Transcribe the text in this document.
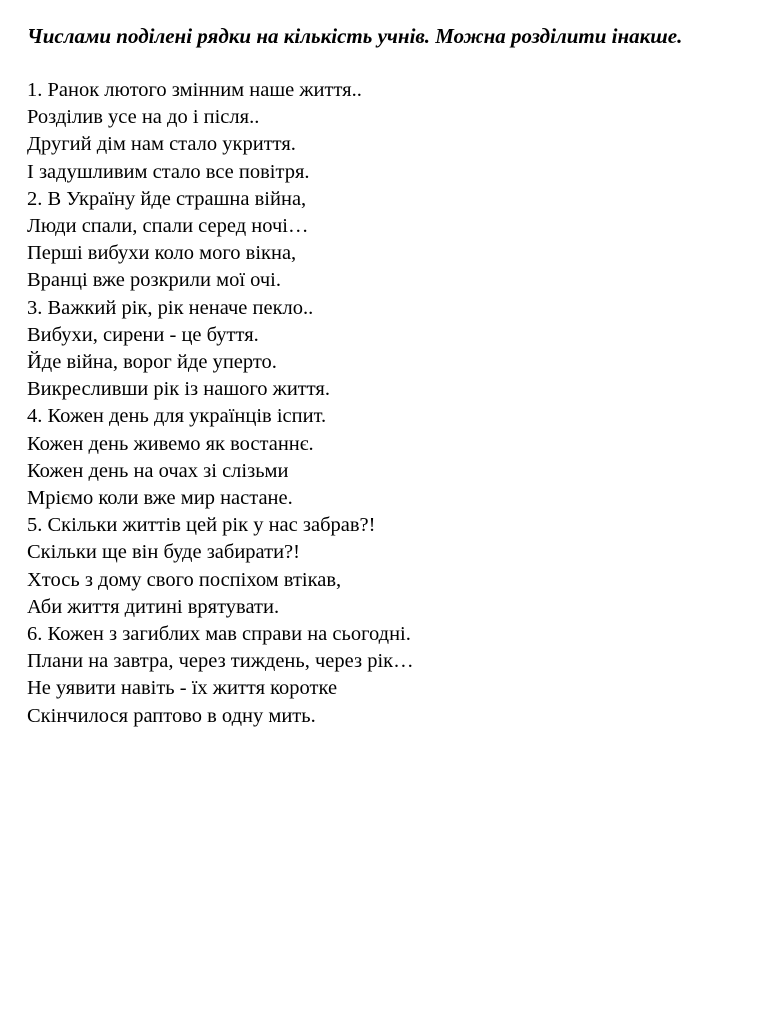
Числами поділені рядки на кількість учнів. Можна розділити інакше.
1. Ранок лютого змінним наше життя..
Розділив усе на до і після..
Другий дім нам стало укриття.
І задушливим стало все повітря.
2. В Україну йде страшна війна,
Люди спали, спали серед ночі…
Перші вибухи коло мого вікна,
Вранці вже розкрили мої очі.
3. Важкий рік, рік неначе пекло..
Вибухи, сирени - це буття.
Йде війна, ворог йде уперто.
Викресливши рік із нашого життя.
4. Кожен день для українців іспит.
Кожен день живемо як востаннє.
Кожен день на очах зі слізьми
Мріємо коли вже мир настане.
5. Скільки життів цей рік у нас забрав?!
Скільки ще він буде забирати?!
Хтось з дому свого поспіхом втікав,
Аби життя дитині врятувати.
6. Кожен з загиблих мав справи на сьогодні.
Плани на завтра, через тиждень, через рік…
Не уявити навіть - їх життя коротке
Скінчилося раптово в одну мить.
